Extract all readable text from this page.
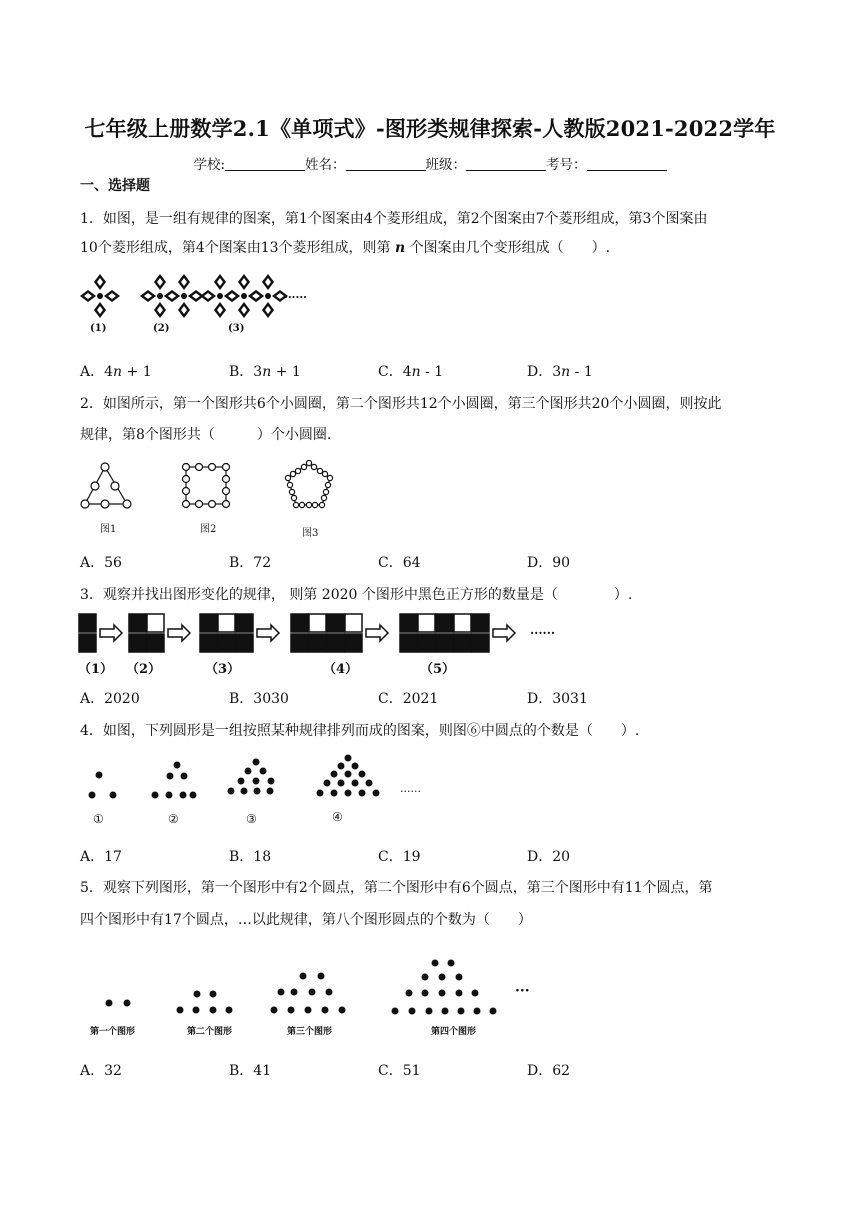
七年级上册数学2.1《单项式》-图形类规律探索-人教版2021-2022学年
学校:	姓名：	班级：	考号：
一、选择题
1．如图，是一组有规律的图案，第1个图案由4个菱形组成，第2个图案由7个菱形组成，第3个图案由
10个菱形组成，第4个图案由13个菱形组成，则第 n 个图案由几个变形组成（　　）.
(1)	(2)	(3)
......
A．4n + 1	B．3n + 1	C．4n - 1	D．3n - 1
2．如图所示，第一个图形共6个小圆圈，第二个图形共12个小圆圈，第三个图形共20个小圆圈，则按此
规律，第8个图形共（　　　）个小圆圈.
图1	图2	图3
A．56	B．72	C．64	D．90
3．观察并找出图形变化的规律， 则第 2020 个图形中黑色正方形的数量是（　　　　）.
（1） （2）	（3）	（4）	（5）
......
A．2020	B．3030	C．2021	D．3031
4．如图，下列圆形是一组按照某种规律排列而成的图案，则图⑥中圆点的个数是（　　）.
①	②	③	④
......
A．17	B．18	C．19	D．20
5．观察下列图形，第一个图形中有2个圆点，第二个图形中有6个圆点，第三个图形中有11个圆点，第
四个图形中有17个圆点，…以此规律，第八个图形圆点的个数为（　　）
第一个图形	第二个图形	第三个图形	第四个图形
···
A．32	B．41	C．51	D．62
